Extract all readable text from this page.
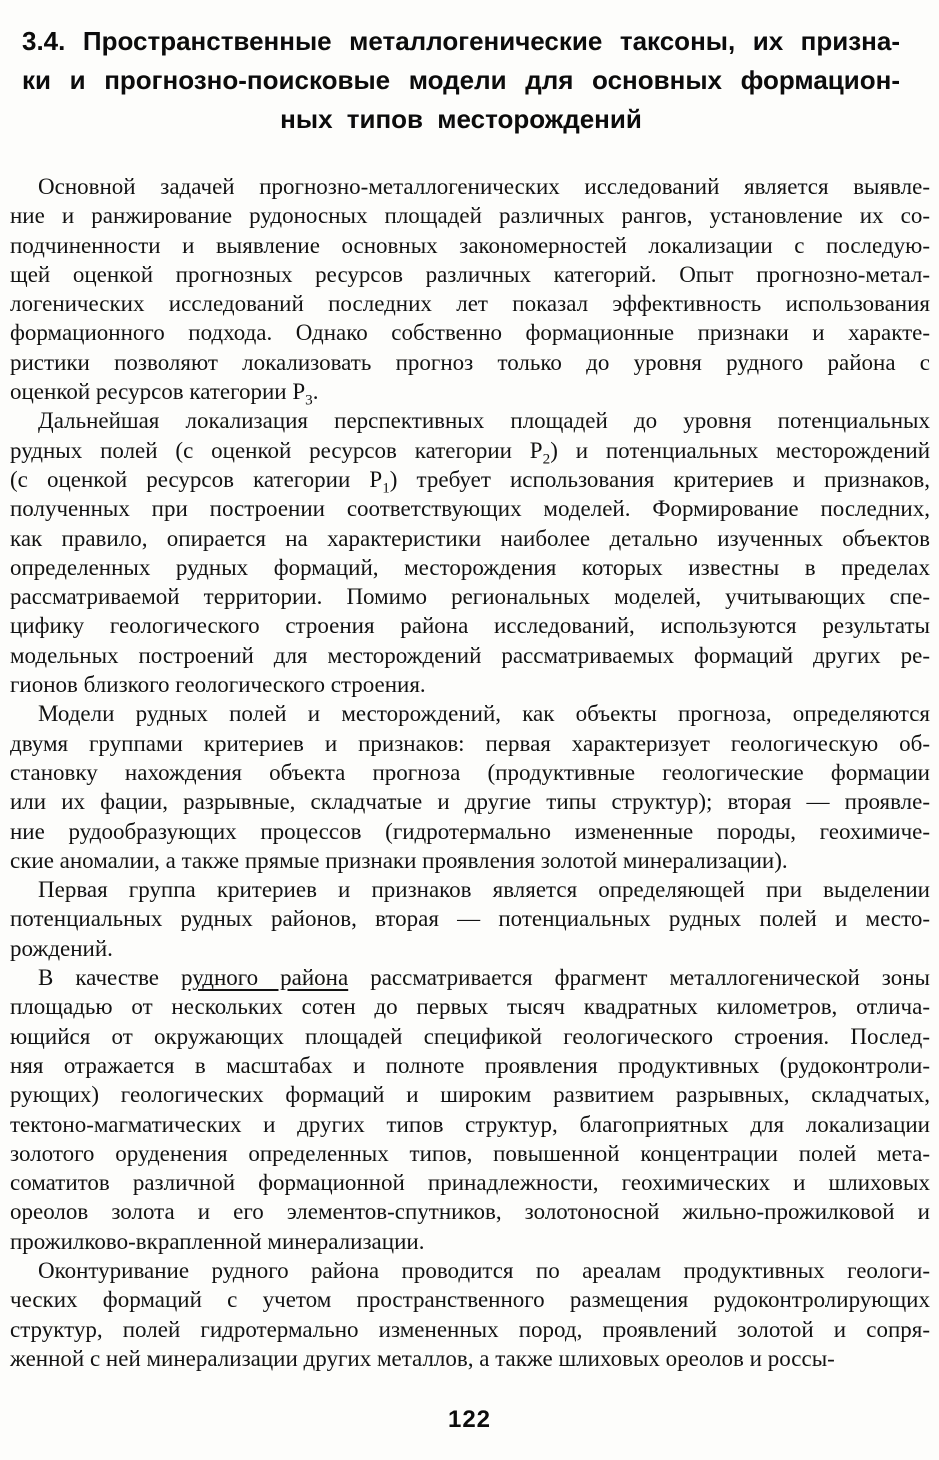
3.4. Пространственные металлогенические таксоны, их призна-
ки и прогнозно-поисковые модели для основных формацион-
ных типов месторождений
Основной задачей прогнозно-металлогенических исследований является выявле-
ние и ранжирование рудоносных площадей различных рангов, установление их со-
подчиненности и выявление основных закономерностей локализации с последую-
щей оценкой прогнозных ресурсов различных категорий. Опыт прогнозно-метал-
логенических исследований последних лет показал эффективность использования
формационного подхода. Однако собственно формационные признаки и характе-
ристики позволяют локализовать прогноз только до уровня рудного района с
оценкой ресурсов категории $Р_3$.
Дальнейшая локализация перспективных площадей до уровня потенциальных
рудных полей (с оценкой ресурсов категории $Р_2$) и потенциальных месторождений
(с оценкой ресурсов категории $Р_1$) требует использования критериев и признаков,
полученных при построении соответствующих моделей. Формирование последних,
как правило, опирается на характеристики наиболее детально изученных объектов
определенных рудных формаций, месторождения которых известны в пределах
рассматриваемой территории. Помимо региональных моделей, учитывающих спе-
цифику геологического строения района исследований, используются результаты
модельных построений для месторождений рассматриваемых формаций других ре-
гионов близкого геологического строения.
Модели рудных полей и месторождений, как объекты прогноза, определяются
двумя группами критериев и признаков: первая характеризует геологическую об-
становку нахождения объекта прогноза (продуктивные геологические формации
или их фации, разрывные, складчатые и другие типы структур); вторая — проявле-
ние рудообразующих процессов (гидротермально измененные породы, геохимиче-
ские аномалии, а также прямые признаки проявления золотой минерализации).
Первая группа критериев и признаков является определяющей при выделении
потенциальных рудных районов, вторая — потенциальных рудных полей и место-
рождений.
В качестве рудного района рассматривается фрагмент металлогенической зоны
площадью от нескольких сотен до первых тысяч квадратных километров, отлича-
ющийся от окружающих площадей спецификой геологического строения. Послед-
няя отражается в масштабах и полноте проявления продуктивных (рудоконтроли-
рующих) геологических формаций и широким развитием разрывных, складчатых,
тектоно-магматических и других типов структур, благоприятных для локализации
золотого оруденения определенных типов, повышенной концентрации полей мета-
соматитов различной формационной принадлежности, геохимических и шлиховых
ореолов золота и его элементов-спутников, золотоносной жильно-прожилковой и
прожилково-вкрапленной минерализации.
Оконтуривание рудного района проводится по ареалам продуктивных геологи-
ческих формаций с учетом пространственного размещения рудоконтролирующих
структур, полей гидротермально измененных пород, проявлений золотой и сопря-
женной с ней минерализации других металлов, а также шлиховых ореолов и россы-
122
